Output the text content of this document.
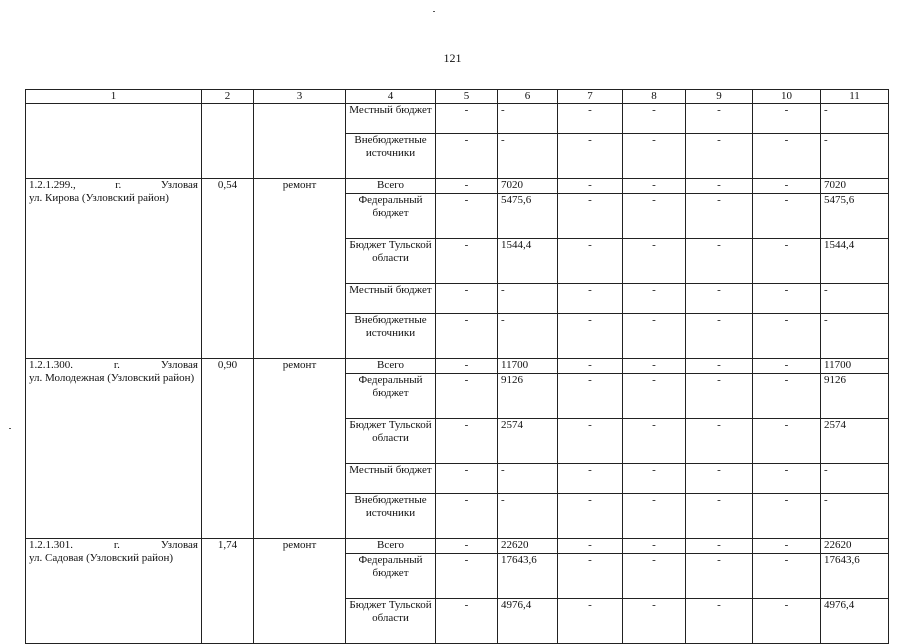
121
1	2	3	4	5	6	7	8	9	10	11
			Местный бюджет	-	-	-	-	-	-	-
			Внебюджетные источники	-	-	-	-	-	-	-

1.2.1.299., г. Узловая
ул. Кирова (Узловский район)	0,54	ремонт	Всего	-	7020	-	-	-	-	7020
			Федеральный бюджет	-	5475,6	-	-	-	-	5475,6
			Бюджет Тульской области	-	1544,4	-	-	-	-	1544,4
			Местный бюджет	-	-	-	-	-	-	-
			Внебюджетные источники	-	-	-	-	-	-	-

1.2.1.300. г. Узловая
ул. Молодежная (Узловский район)	0,90	ремонт	Всего	-	11700	-	-	-	-	11700
			Федеральный бюджет	-	9126	-	-	-	-	9126
			Бюджет Тульской области	-	2574	-	-	-	-	2574
			Местный бюджет	-	-	-	-	-	-	-
			Внебюджетные источники	-	-	-	-	-	-	-

1.2.1.301. г. Узловая
ул. Садовая (Узловский район)	1,74	ремонт	Всего	-	22620	-	-	-	-	22620
			Федеральный бюджет	-	17643,6	-	-	-	-	17643,6
			Бюджет Тульской области	-	4976,4	-	-	-	-	4976,4
